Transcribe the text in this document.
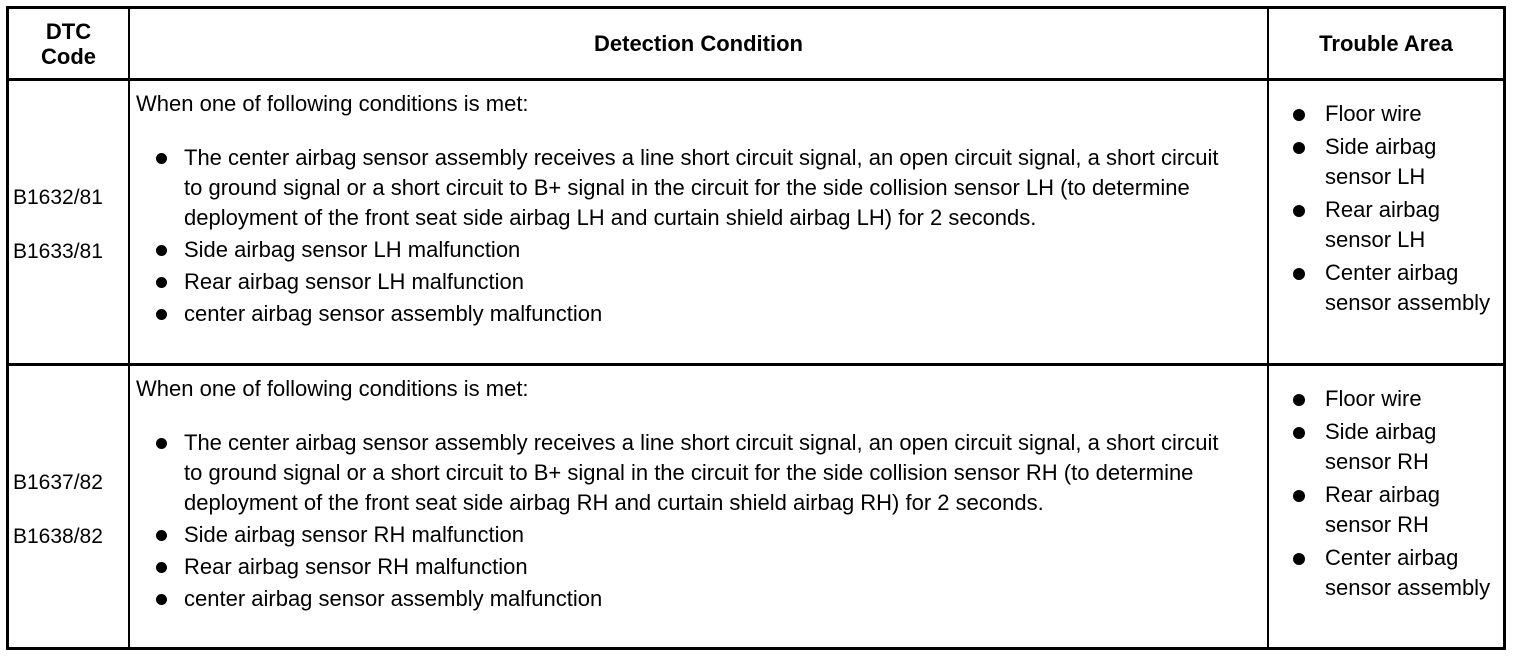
DTC Code	Detection Condition	Trouble Area
B1632/81
B1633/81
When one of following conditions is met:
The center airbag sensor assembly receives a line short circuit signal, an open circuit signal, a short circuit to ground signal or a short circuit to B+ signal in the circuit for the side collision sensor LH (to determine deployment of the front seat side airbag LH and curtain shield airbag LH) for 2 seconds.
Side airbag sensor LH malfunction
Rear airbag sensor LH malfunction
center airbag sensor assembly malfunction
Floor wire
Side airbag sensor LH
Rear airbag sensor LH
Center airbag sensor assembly
B1637/82
B1638/82
When one of following conditions is met:
The center airbag sensor assembly receives a line short circuit signal, an open circuit signal, a short circuit to ground signal or a short circuit to B+ signal in the circuit for the side collision sensor RH (to determine deployment of the front seat side airbag RH and curtain shield airbag RH) for 2 seconds.
Side airbag sensor RH malfunction
Rear airbag sensor RH malfunction
center airbag sensor assembly malfunction
Floor wire
Side airbag sensor RH
Rear airbag sensor RH
Center airbag sensor assembly
